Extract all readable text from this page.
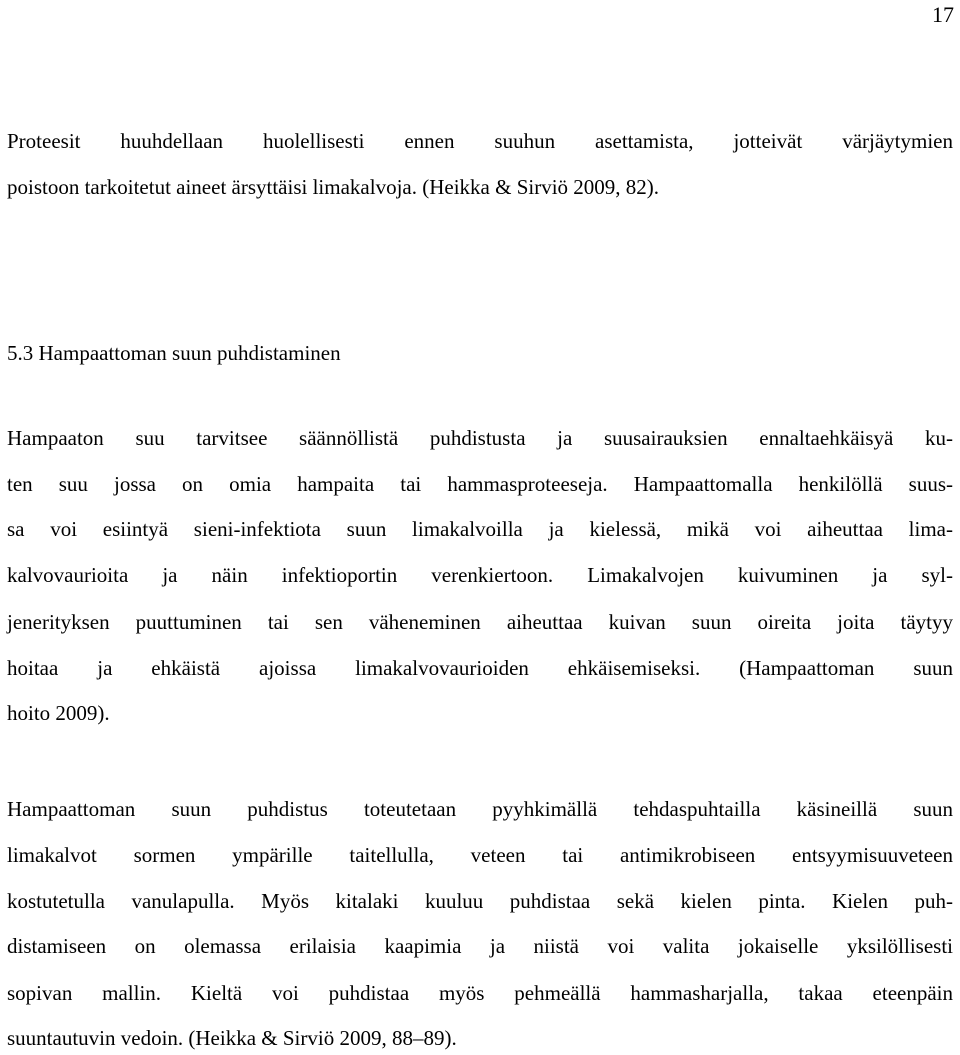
17
Proteesit huuhdellaan huolellisesti ennen suuhun asettamista, jotteivät värjäytymien
poistoon tarkoitetut aineet ärsyttäisi limakalvoja. (Heikka & Sirviö 2009, 82).
5.3 Hampaattoman suun puhdistaminen
Hampaaton suu tarvitsee säännöllistä puhdistusta ja suusairauksien ennaltaehkäisyä ku-
ten suu jossa on omia hampaita tai hammasproteeseja. Hampaattomalla henkilöllä suus-
sa voi esiintyä sieni-infektiota suun limakalvoilla ja kielessä, mikä voi aiheuttaa lima-
kalvovaurioita ja näin infektioportin verenkiertoon. Limakalvojen kuivuminen ja syl-
jenerityksen puuttuminen tai sen väheneminen aiheuttaa kuivan suun oireita joita täytyy
hoitaa ja ehkäistä ajoissa limakalvovaurioiden ehkäisemiseksi. (Hampaattoman suun
hoito 2009).
Hampaattoman suun puhdistus toteutetaan pyyhkimällä tehdaspuhtailla käsineillä suun
limakalvot sormen ympärille taitellulla, veteen tai antimikrobiseen entsyymisuuveteen
kostutetulla vanulapulla. Myös kitalaki kuuluu puhdistaa sekä kielen pinta. Kielen puh-
distamiseen on olemassa erilaisia kaapimia ja niistä voi valita jokaiselle yksilöllisesti
sopivan mallin. Kieltä voi puhdistaa myös pehmeällä hammasharjalla, takaa eteenpäin
suuntautuvin vedoin. (Heikka & Sirviö 2009, 88–89).
